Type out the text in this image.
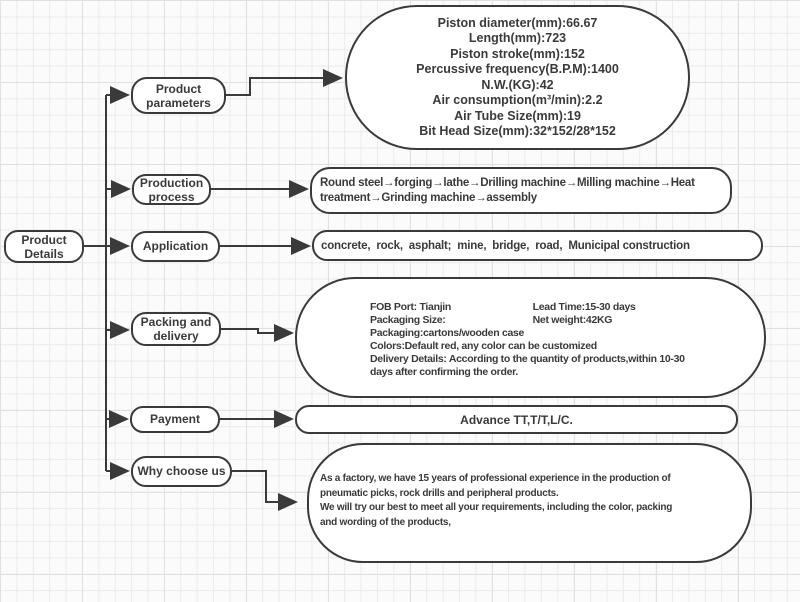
Product Details
Product parameters
Production process
Application
Packing and delivery
Payment
Why choose us
Piston diameter(mm):66.67
Length(mm):723
Piston stroke(mm):152
Percussive frequency(B.P.M):1400
N.W.(KG):42
Air consumption(m³/min):2.2
Air Tube Size(mm):19
Bit Head Size(mm):32*152/28*152
Round steel→forging→lathe→Drilling machine→Milling machine→Heat
treatment→Grinding machine→assembly
concrete,  rock,  asphalt;  mine,  bridge,  road,  Municipal construction
FOB Port: Tianjin	Lead Time:15-30 days
Packaging Size:	Net weight:42KG
Packaging:cartons/wooden case
Colors:Default red, any color can be customized
Delivery Details: According to the quantity of products,within 10-30
days after confirming the order.
Advance TT,T/T,L/C.
As a factory, we have 15 years of professional experience in the production of
pneumatic picks, rock drills and peripheral products.
We will try our best to meet all your requirements, including the color, packing
and wording of the products,
